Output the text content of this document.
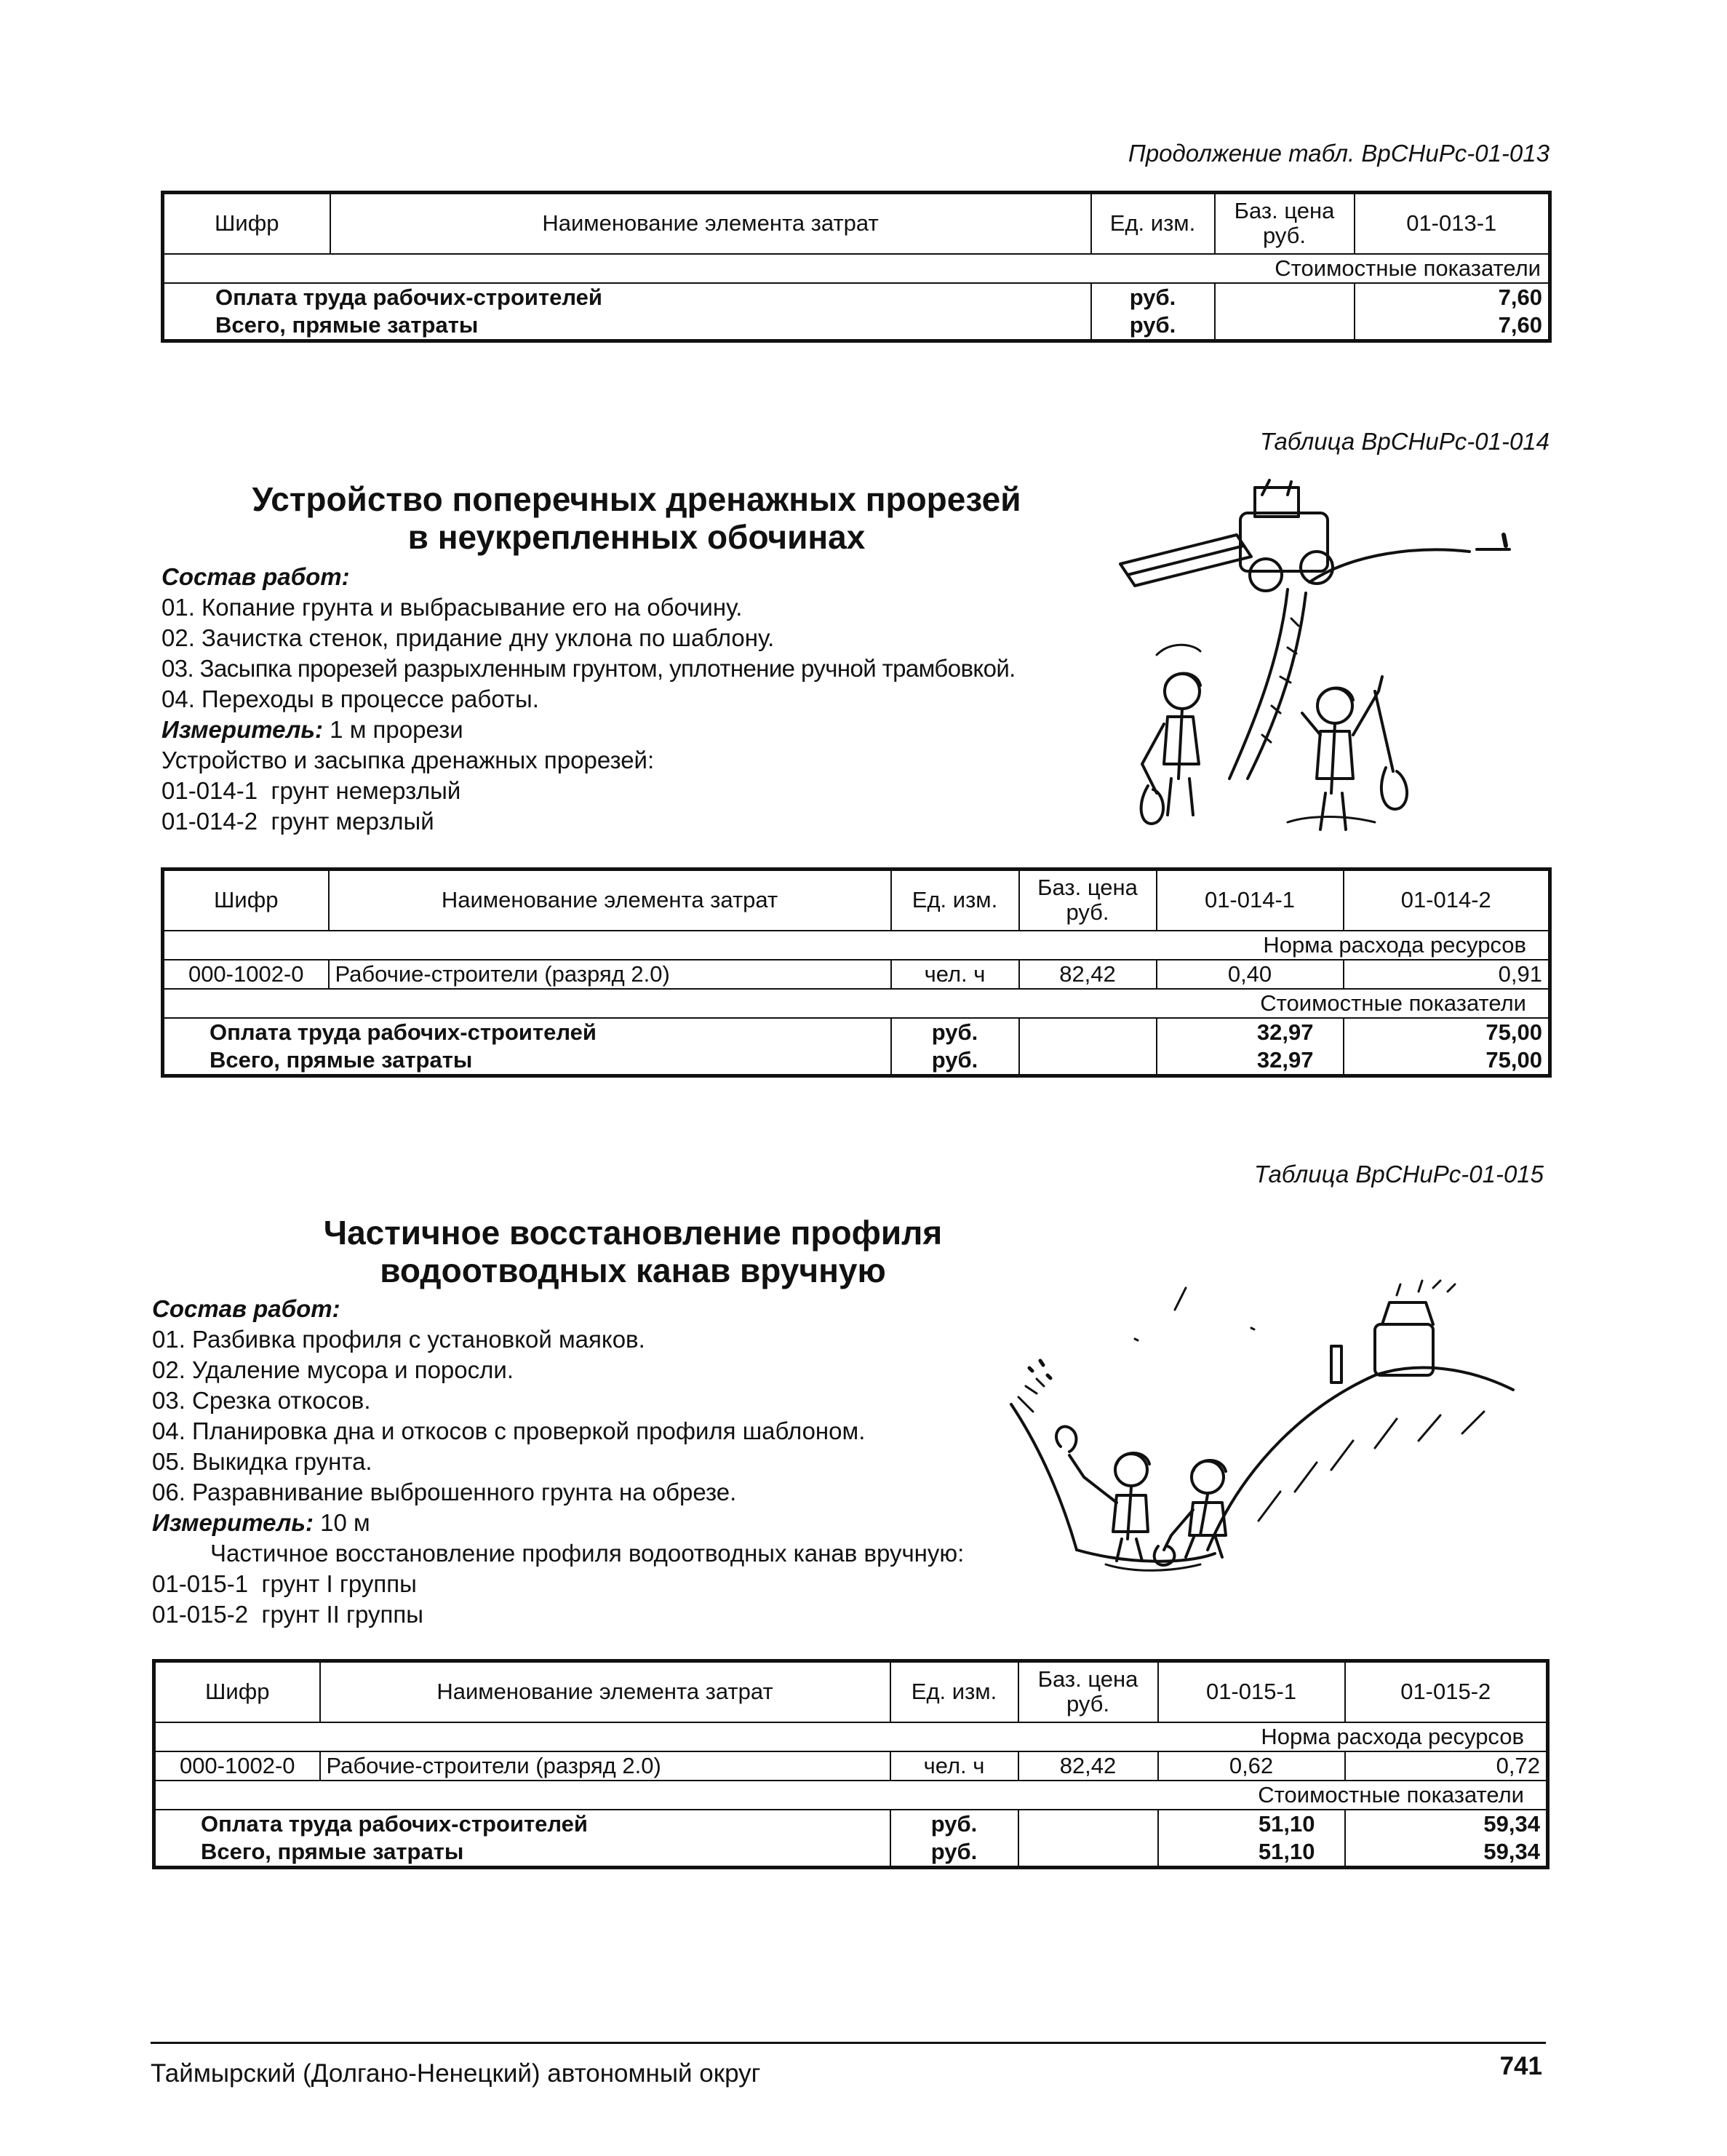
Продолжение табл. ВрСНиРс-01-013
Шифр	Наименование элемента затрат	Ед. изм.	Баз. цена руб.	01-013-1
Стоимостные показатели				
Оплата труда рабочих-строителей		руб.		7,60
Всего, прямые затраты		руб.		7,60
Таблица ВрСНиРс-01-014
Устройство поперечных дренажных прорезей
в неукрепленных обочинах
Состав работ:
01. Копание грунта и выбрасывание его на обочину.
02. Зачистка стенок, придание дну уклона по шаблону.
03. Засыпка прорезей разрыхленным грунтом, уплотнение ручной трамбовкой.
04. Переходы в процессе работы.
Измеритель: 1 м прорези
Устройство и засыпка дренажных прорезей:
01-014-1 грунт немерзлый
01-014-2 грунт мерзлый
Шифр	Наименование элемента затрат	Ед. изм.	Баз. цена руб.	01-014-1	01-014-2
Норма расхода ресурсов					
000-1002-0	Рабочие-строители (разряд 2.0)	чел. ч	82,42	0,40	0,91
Стоимостные показатели					
Оплата труда рабочих-строителей		руб.		32,97	75,00
Всего, прямые затраты		руб.		32,97	75,00
Таблица ВрСНиРс-01-015
Частичное восстановление профиля
водоотводных канав вручную
Состав работ:
01. Разбивка профиля с установкой маяков.
02. Удаление мусора и поросли.
03. Срезка откосов.
04. Планировка дна и откосов с проверкой профиля шаблоном.
05. Выкидка грунта.
06. Разравнивание выброшенного грунта на обрезе.
Измеритель: 10 м
Частичное восстановление профиля водоотводных канав вручную:
01-015-1 грунт I группы
01-015-2 грунт II группы
Шифр	Наименование элемента затрат	Ед. изм.	Баз. цена руб.	01-015-1	01-015-2
Норма расхода ресурсов					
000-1002-0	Рабочие-строители (разряд 2.0)	чел. ч	82,42	0,62	0,72
Стоимостные показатели					
Оплата труда рабочих-строителей		руб.		51,10	59,34
Всего, прямые затраты		руб.		51,10	59,34
Таймырский (Долгано-Ненецкий) автономный округ	741
